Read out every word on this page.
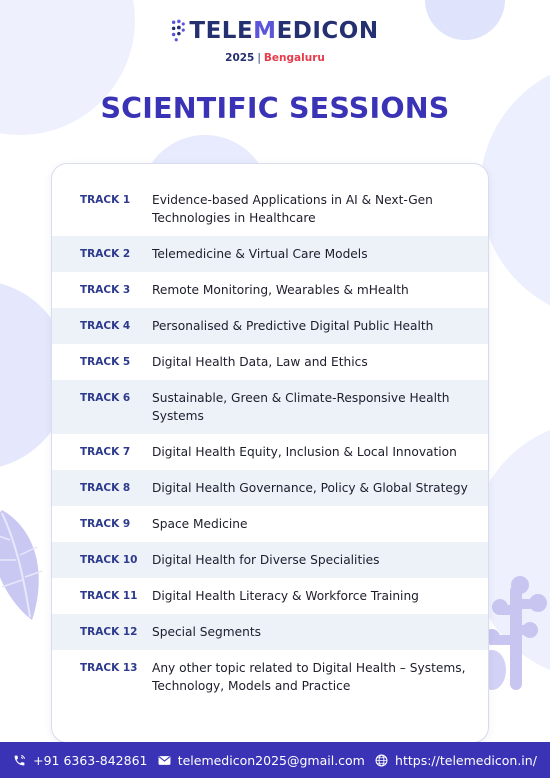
TELEMEDICON
2025 | Bengaluru
SCIENTIFIC SESSIONS
TRACK 1	Evidence-based Applications in AI & Next-Gen Technologies in Healthcare
TRACK 2	Telemedicine & Virtual Care Models
TRACK 3	Remote Monitoring, Wearables & mHealth
TRACK 4	Personalised & Predictive Digital Public Health
TRACK 5	Digital Health Data, Law and Ethics
TRACK 6	Sustainable, Green & Climate-Responsive Health Systems
TRACK 7	Digital Health Equity, Inclusion & Local Innovation
TRACK 8	Digital Health Governance, Policy & Global Strategy
TRACK 9	Space Medicine
TRACK 10	Digital Health for Diverse Specialities
TRACK 11	Digital Health Literacy & Workforce Training
TRACK 12	Special Segments
TRACK 13	Any other topic related to Digital Health – Systems, Technology, Models and Practice
+91 6363-842861 telemedicon2025@gmail.com https://telemedicon.in/
